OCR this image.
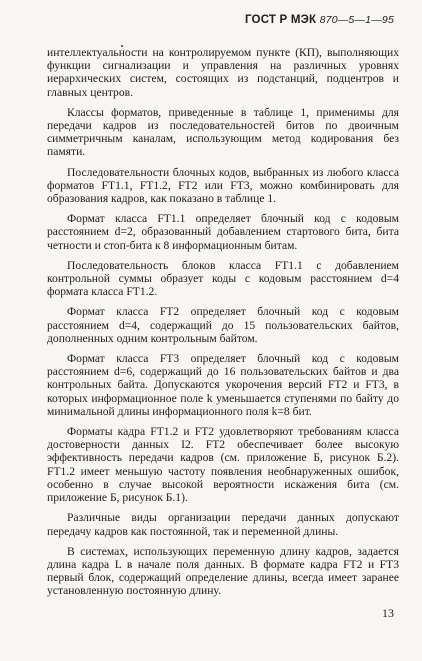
ГОСТ Р МЭК 870—5—1—95

интеллектуальности на контролируемом пункте (КП), выполняющих функции сигнализации и управления на различных уровнях иерархических систем, состоящих из подстанций, подцентров и главных центров.

Классы форматов, приведенные в таблице 1, применимы для передачи кадров из последовательностей битов по двоичным симметричным каналам, использующим метод кодирования без памяти.

Последовательности блочных кодов, выбранных из любого класса форматов FT1.1, FT1.2, FT2 или FT3, можно комбинировать для образования кадров, как показано в таблице 1.

Формат класса FT1.1 определяет блочный код с кодовым расстоянием d=2, образованный добавлением стартового бита, бита четности и стоп-бита к 8 информационным битам.

Последовательность блоков класса FT1.1 с добавлением контрольной суммы образует коды с кодовым расстоянием d=4 формата класса FT1.2.

Формат класса FT2 определяет блочный код с кодовым расстоянием d=4, содержащий до 15 пользовательских байтов, дополненных одним контрольным байтом.

Формат класса FT3 определяет блочный код с кодовым расстоянием d=6, содержащий до 16 пользовательских байтов и два контрольных байта. Допускаются укорочения версий FT2 и FT3, в которых информационное поле k уменьшается ступенями по байту до минимальной длины информационного поля k=8 бит.

Форматы кадра FT1.2 и FT2 удовлетворяют требованиям класса достоверности данных I2. FT2 обеспечивает более высокую эффективность передачи кадров (см. приложение Б, рисунок Б.2). FT1.2 имеет меньшую частоту появления необнаруженных ошибок, особенно в случае высокой вероятности искажения бита (см. приложение Б, рисунок Б.1).

Различные виды организации передачи данных допускают передачу кадров как постоянной, так и переменной длины.

В системах, использующих переменную длину кадров, задается длина кадра L в начале поля данных. В формате кадра FT2 и FT3 первый блок, содержащий определение длины, всегда имеет заранее установленную постоянную длину.

13
